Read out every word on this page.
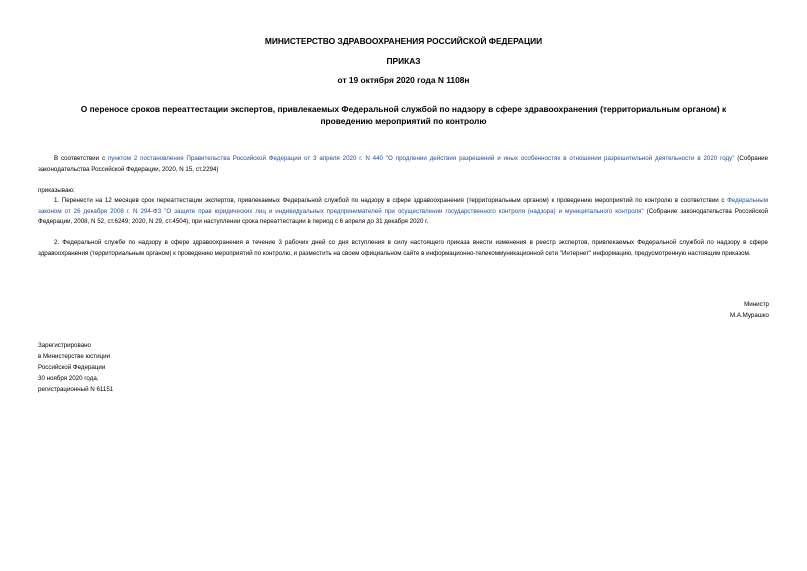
МИНИСТЕРСТВО ЗДРАВООХРАНЕНИЯ РОССИЙСКОЙ ФЕДЕРАЦИИ
ПРИКАЗ
от 19 октября 2020 года N 1108н
О переносе сроков переаттестации экспертов, привлекаемых Федеральной службой по надзору в сфере здравоохранения (территориальным органом) к проведению мероприятий по контролю
В соответствии с пунктом 2 постановления Правительства Российской Федерации от 3 апреля 2020 г. N 440 "О продлении действия разрешений и иных особенностях в отношении разрешительной деятельности в 2020 году" (Собрание законодательства Российской Федерации, 2020, N 15, ст.2294)
приказываю:
1. Перенести на 12 месяцев срок переаттестации экспертов, привлекаемых Федеральной службой по надзору в сфере здравоохранения (территориальным органом) к проведению мероприятий по контролю в соответствии с Федеральным законом от 26 декабря 2008 г. N 294-ФЗ "О защите прав юридических лиц и индивидуальных предпринимателей при осуществлении государственного контроля (надзора) и муниципального контроля" (Собрание законодательства Российской Федерации, 2008, N 52, ст.6249; 2020, N 29, ст.4504), при наступлении срока переаттестации в период с 6 апреля до 31 декабря 2020 г.
2. Федеральной службе по надзору в сфере здравоохранения в течение 3 рабочих дней со дня вступления в силу настоящего приказа внести изменения в реестр экспертов, привлекаемых Федеральной службой по надзору в сфере здравоохранения (территориальным органом) к проведению мероприятий по контролю, и разместить на своем официальном сайте в информационно-телекоммуникационной сети "Интернет" информацию, предусмотренную настоящим приказом.
Министр
М.А.Мурашко
Зарегистрировано
в Министерстве юстиции
Российской Федерации
30 ноября 2020 года,
регистрационный N 61151
